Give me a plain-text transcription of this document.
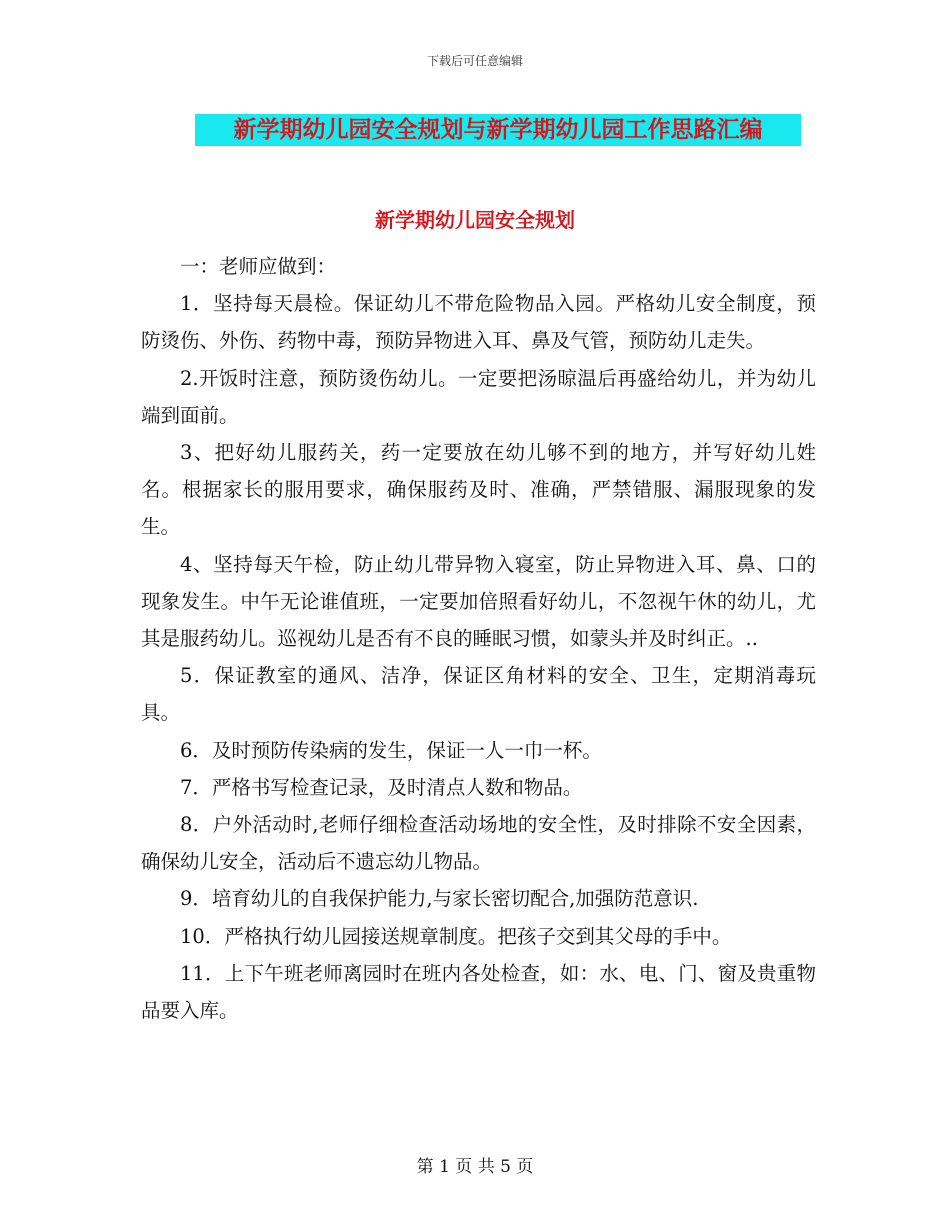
下载后可任意编辑
新学期幼儿园安全规划与新学期幼儿园工作思路汇编
新学期幼儿园安全规划

一：老师应做到：

1．坚持每天晨检。保证幼儿不带危险物品入园。严格幼儿安全制度，预防烫伤、外伤、药物中毒，预防异物进入耳、鼻及气管，预防幼儿走失。

2.开饭时注意，预防烫伤幼儿。一定要把汤晾温后再盛给幼儿，并为幼儿端到面前。

3、把好幼儿服药关，药一定要放在幼儿够不到的地方，并写好幼儿姓名。根据家长的服用要求，确保服药及时、准确，严禁错服、漏服现象的发生。

4、坚持每天午检，防止幼儿带异物入寝室，防止异物进入耳、鼻、口的现象发生。中午无论谁值班，一定要加倍照看好幼儿，不忽视午休的幼儿，尤其是服药幼儿。巡视幼儿是否有不良的睡眠习惯，如蒙头并及时纠正。..

5．保证教室的通风、洁净，保证区角材料的安全、卫生，定期消毒玩具。

6．及时预防传染病的发生，保证一人一巾一杯。

7．严格书写检查记录，及时清点人数和物品。

8．户外活动时,老师仔细检查活动场地的安全性，及时排除不安全因素，确保幼儿安全，活动后不遗忘幼儿物品。

9．培育幼儿的自我保护能力,与家长密切配合,加强防范意识.

10．严格执行幼儿园接送规章制度。把孩子交到其父母的手中。

11．上下午班老师离园时在班内各处检查，如：水、电、门、窗及贵重物品要入库。

第 1 页 共 5 页
